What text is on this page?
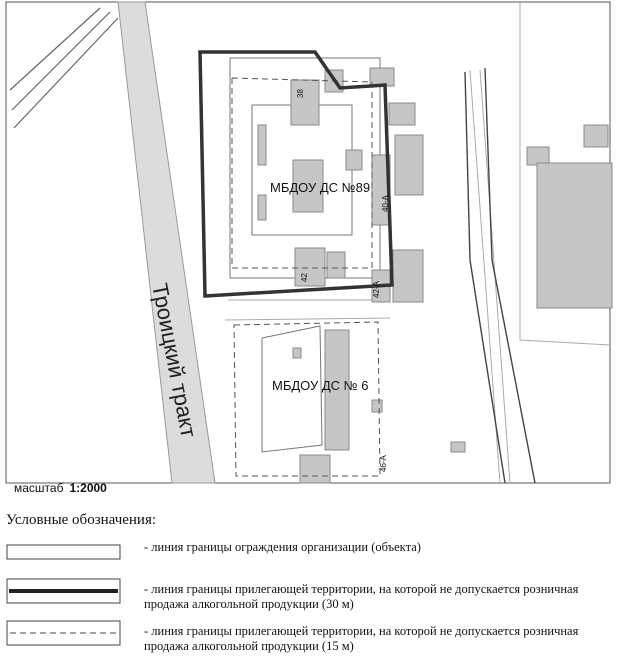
Троицкий тракт
МБДОУ ДС №89
МБДОУ ДС № 6
38
40-А
42
42-А
46-А
масштаб 1:2000
Условные обозначения:
- линия границы ограждения организации (объекта)
- линия границы прилегающей территории, на которой не допускается розничная продажа алкогольной продукции (30 м)
- линия границы прилегающей территории, на которой не допускается розничная продажа алкогольной продукции (15 м)
